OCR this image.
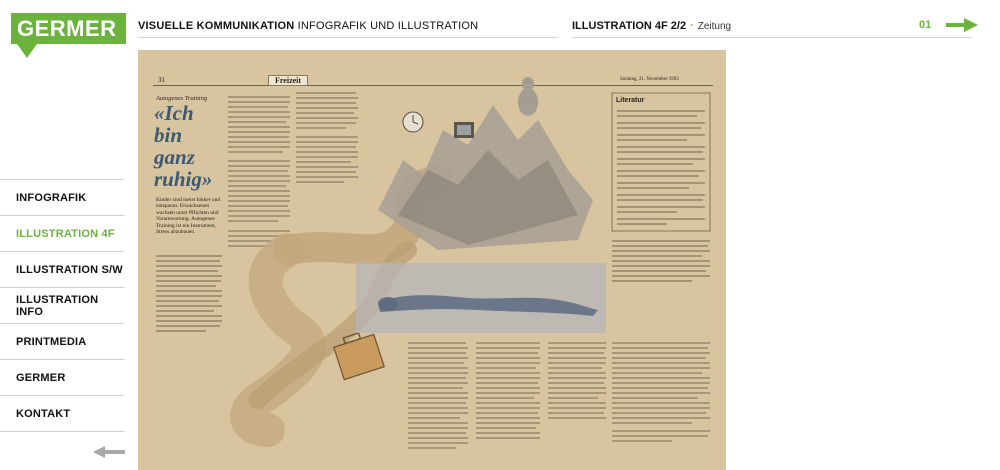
GERMER	VISUELLE KOMMUNIKATION INFOGRAFIK UND ILLUSTRATION	ILLUSTRATION 4F 2/2 · Zeitung	01
INFOGRAFIK
ILLUSTRATION 4F
ILLUSTRATION S/W
ILLUSTRATION INFO
PRINTMEDIA
GERMER
KONTAKT
31	Freizeit	Sonntag, 21. November 1993
Autogenes Training
«Ich
bin
ganz
ruhig»
Kinder sind meist lokker und entspannt. Erwachsenen wachsen unter Pflichten und Verantwortung. Autogenes Training ist ein Instrument, Stress abzubauen.
Literatur
